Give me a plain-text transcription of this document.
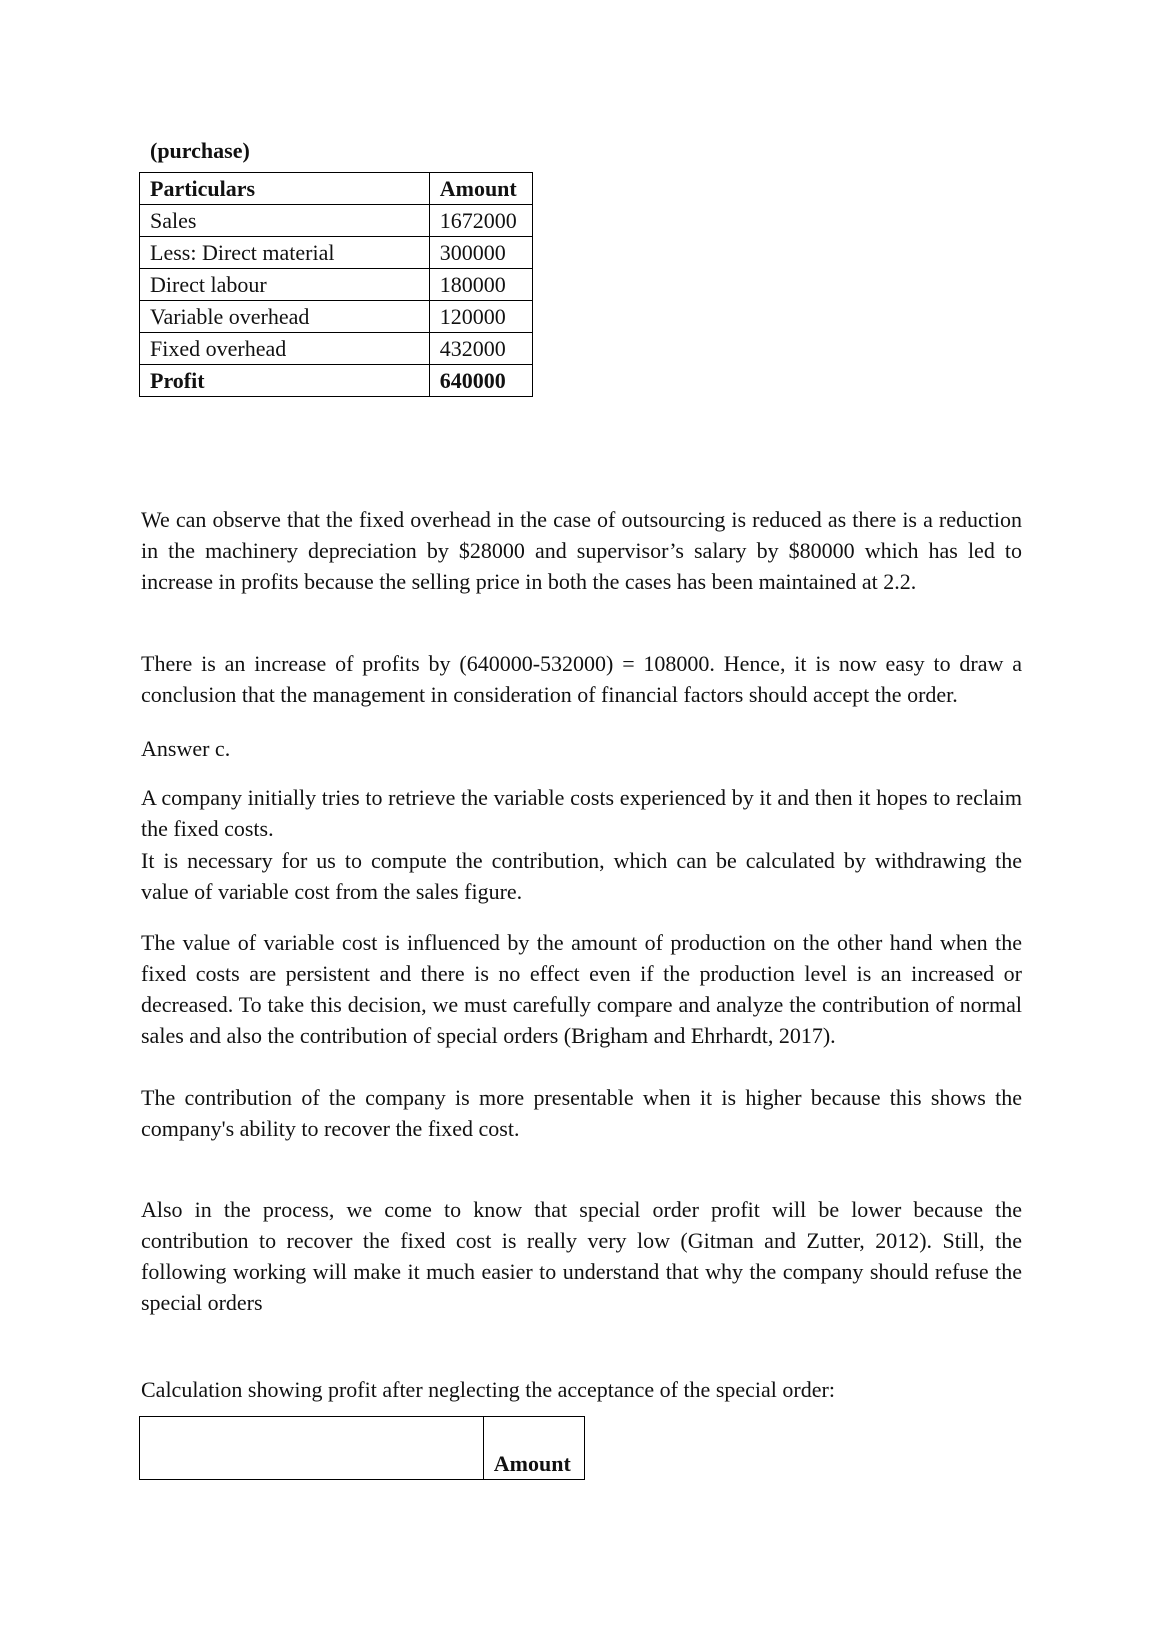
(purchase)
Particulars	Amount
Sales	1672000
Less: Direct material	300000
Direct labour	180000
Variable overhead	120000
Fixed overhead	432000
Profit	640000

We can observe that the fixed overhead in the case of outsourcing is reduced as there is a reduction in the machinery depreciation by $28000 and supervisor’s salary by $80000 which has led to increase in profits because the selling price in both the cases has been maintained at 2.2.

There is an increase of profits by (640000-532000) = 108000. Hence, it is now easy to draw a conclusion that the management in consideration of financial factors should accept the order.

Answer c.

A company initially tries to retrieve the variable costs experienced by it and then it hopes to reclaim the fixed costs.

It is necessary for us to compute the contribution, which can be calculated by withdrawing the value of variable cost from the sales figure.

The value of variable cost is influenced by the amount of production on the other hand when the fixed costs are persistent and there is no effect even if the production level is an increased or decreased. To take this decision, we must carefully compare and analyze the contribution of normal sales and also the contribution of special orders (Brigham and Ehrhardt, 2017).

The contribution of the company is more presentable when it is higher because this shows the company's ability to recover the fixed cost.

Also in the process, we come to know that special order profit will be lower because the contribution to recover the fixed cost is really very low (Gitman and Zutter, 2012). Still, the following working will make it much easier to understand that why the company should refuse the special orders

Calculation showing profit after neglecting the acceptance of the special order:

	Amount
